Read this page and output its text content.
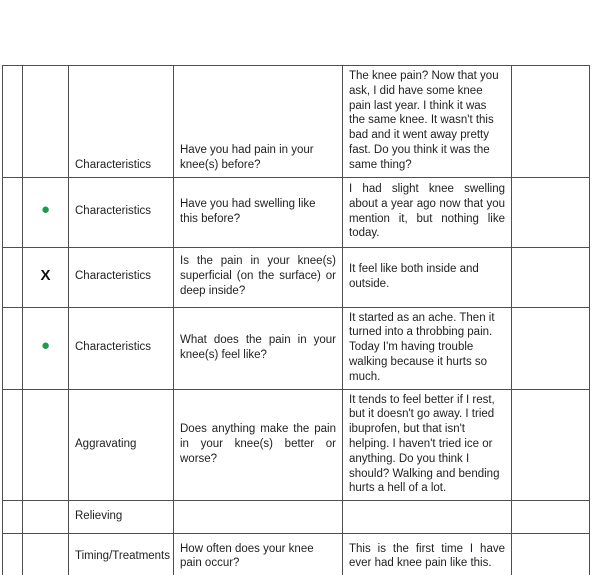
		Characteristics	Have you had pain in your knee(s) before?	The knee pain? Now that you ask, I did have some knee pain last year. I think it was the same knee. It wasn't this bad and it went away pretty fast. Do you think it was the same thing?	
	●	Characteristics	Have you had swelling like this before?	I had slight knee swelling about a year ago now that you mention it, but nothing like today.	
	X	Characteristics	Is the pain in your knee(s) superficial (on the surface) or deep inside?	It feel like both inside and outside.	
	●	Characteristics	What does the pain in your knee(s) feel like?	It started as an ache. Then it turned into a throbbing pain. Today I'm having trouble walking because it hurts so much.	
		Aggravating	Does anything make the pain in your knee(s) better or worse?	It tends to feel better if I rest, but it doesn't go away. I tried ibuprofen, but that isn't helping. I haven't tried ice or anything. Do you think I should? Walking and bending hurts a hell of a lot.	
		Relieving			
		Timing/Treatments	How often does your knee pain occur?	This is the first time I have ever had knee pain like this.	
